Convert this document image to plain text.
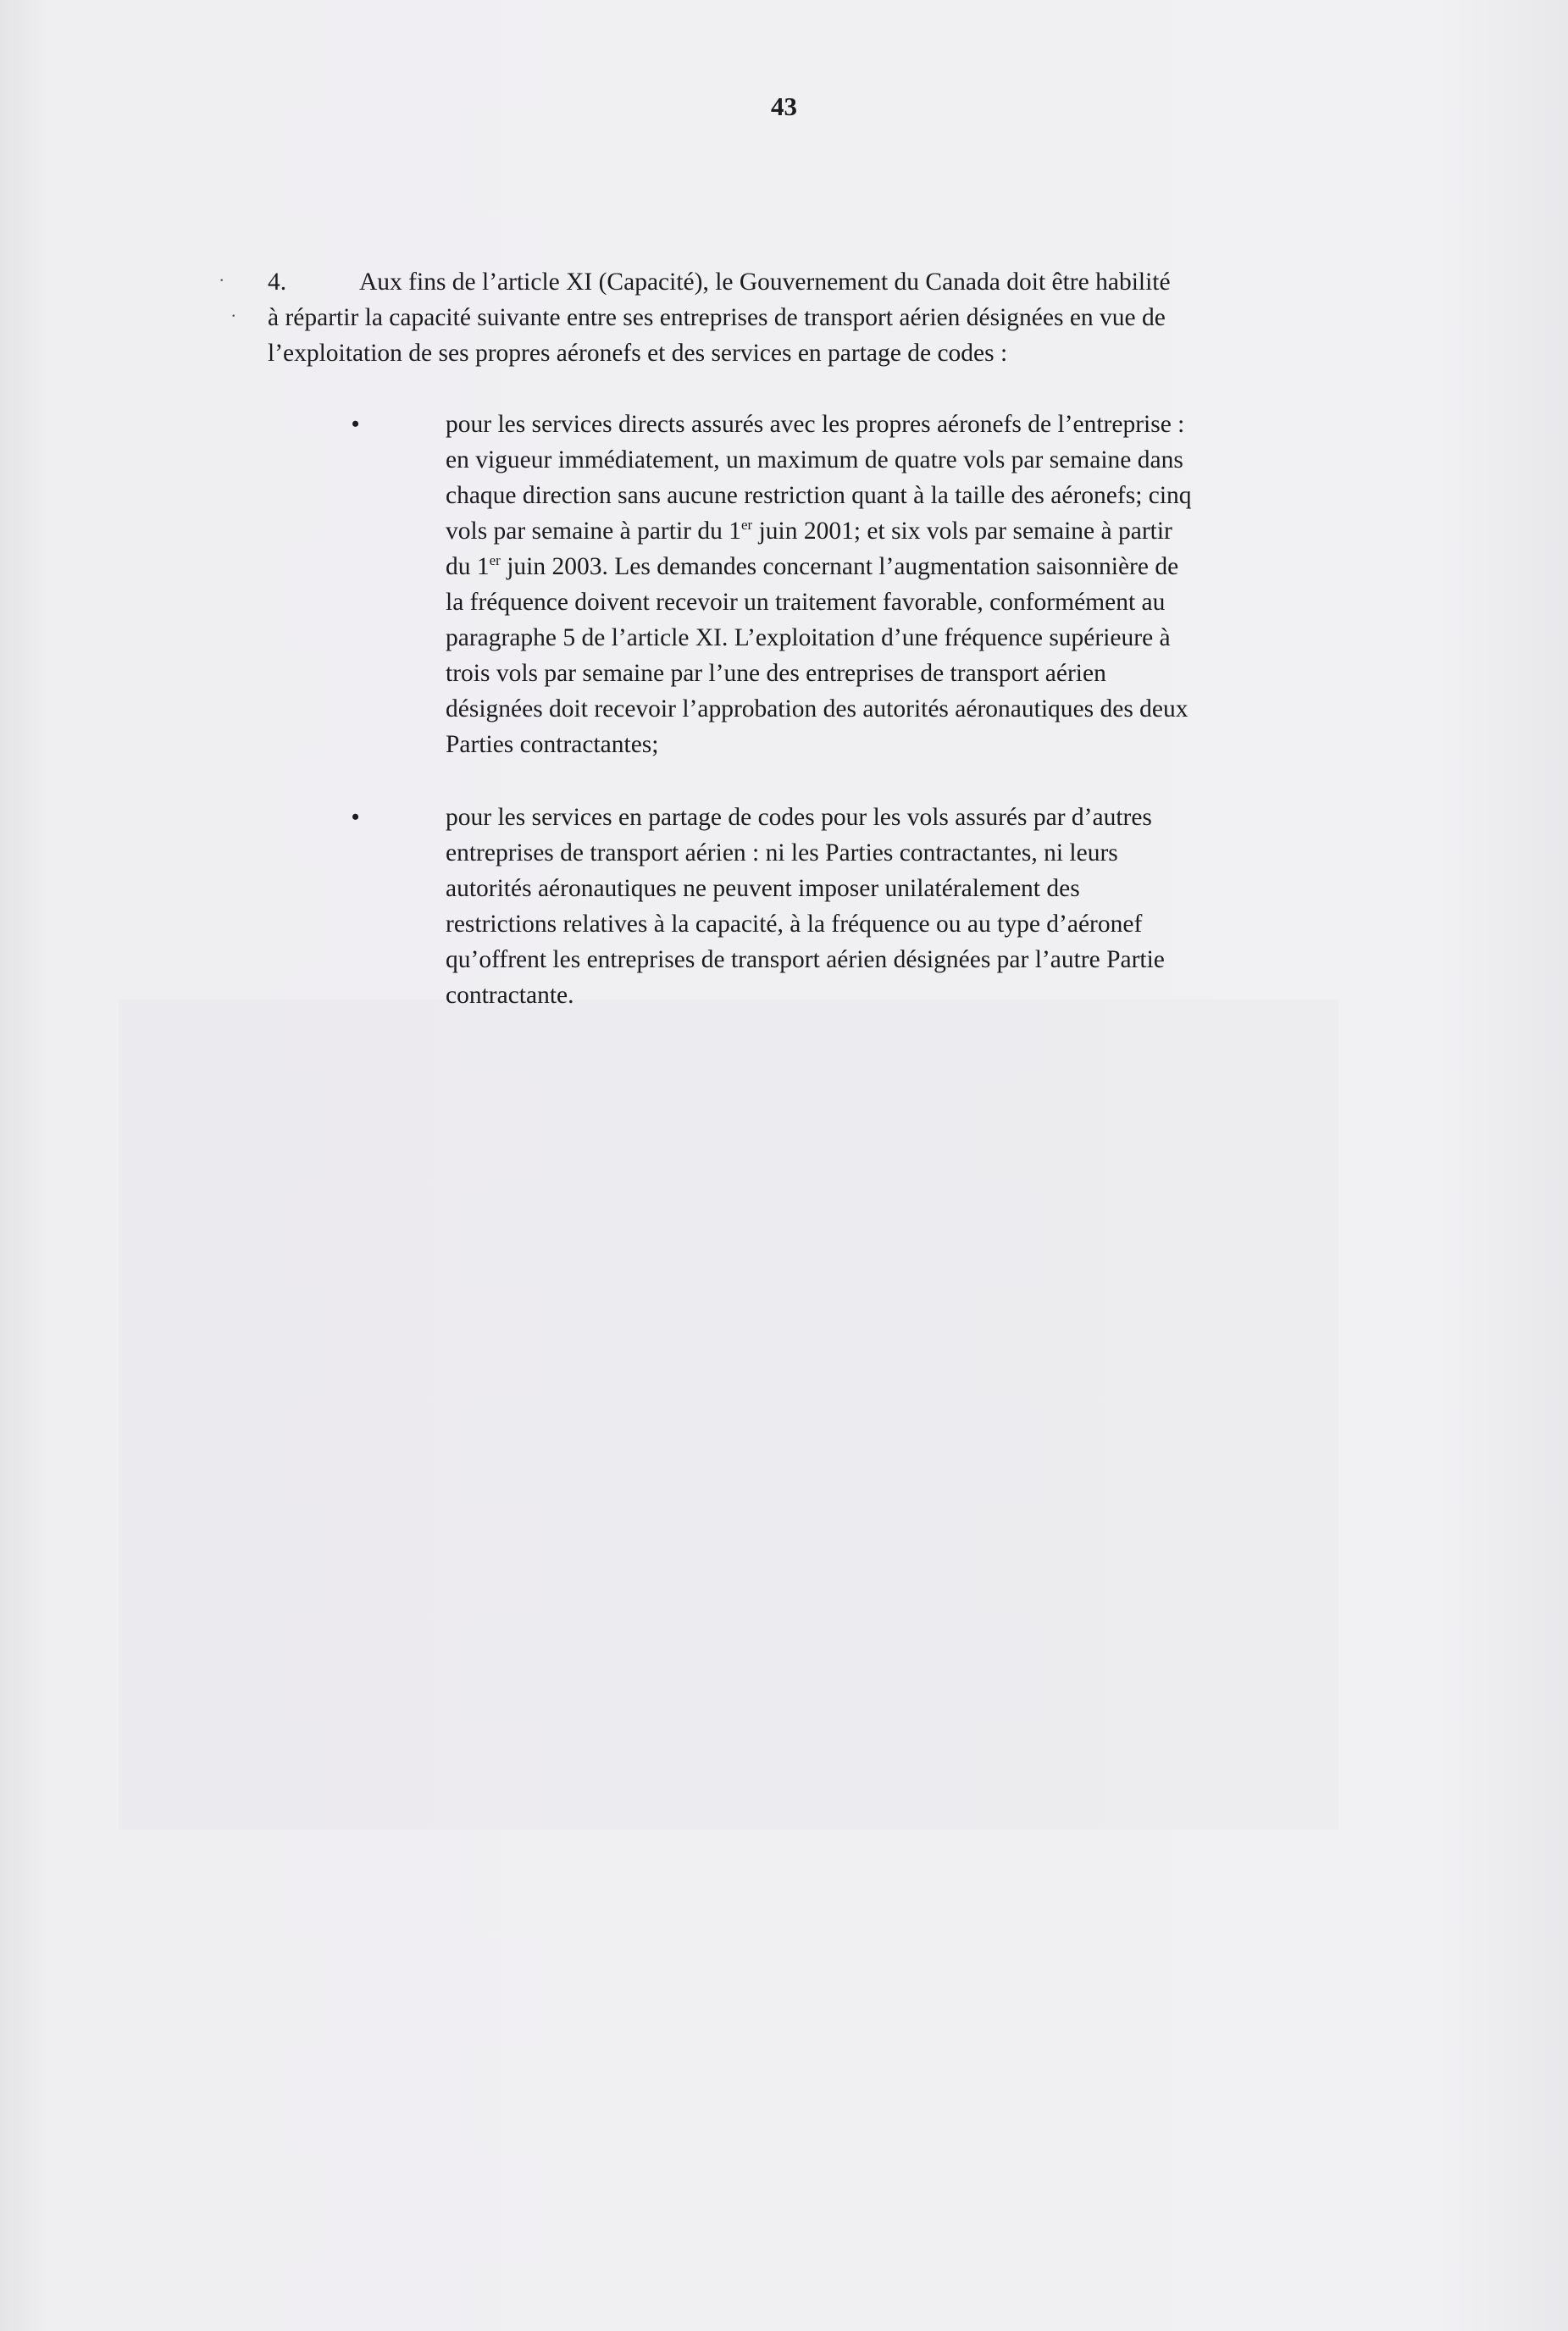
43
4.	Aux fins de l’article XI (Capacité), le Gouvernement du Canada doit être habilité
à répartir la capacité suivante entre ses entreprises de transport aérien désignées en vue de
l’exploitation de ses propres aéronefs et des services en partage de codes :
•	pour les services directs assurés avec les propres aéronefs de l’entreprise :
en vigueur immédiatement, un maximum de quatre vols par semaine dans
chaque direction sans aucune restriction quant à la taille des aéronefs; cinq
vols par semaine à partir du 1er juin 2001; et six vols par semaine à partir
du 1er juin 2003. Les demandes concernant l’augmentation saisonnière de
la fréquence doivent recevoir un traitement favorable, conformément au
paragraphe 5 de l’article XI. L’exploitation d’une fréquence supérieure à
trois vols par semaine par l’une des entreprises de transport aérien
désignées doit recevoir l’approbation des autorités aéronautiques des deux
Parties contractantes;
•	pour les services en partage de codes pour les vols assurés par d’autres
entreprises de transport aérien : ni les Parties contractantes, ni leurs
autorités aéronautiques ne peuvent imposer unilatéralement des
restrictions relatives à la capacité, à la fréquence ou au type d’aéronef
qu’offrent les entreprises de transport aérien désignées par l’autre Partie
contractante.
·
·
